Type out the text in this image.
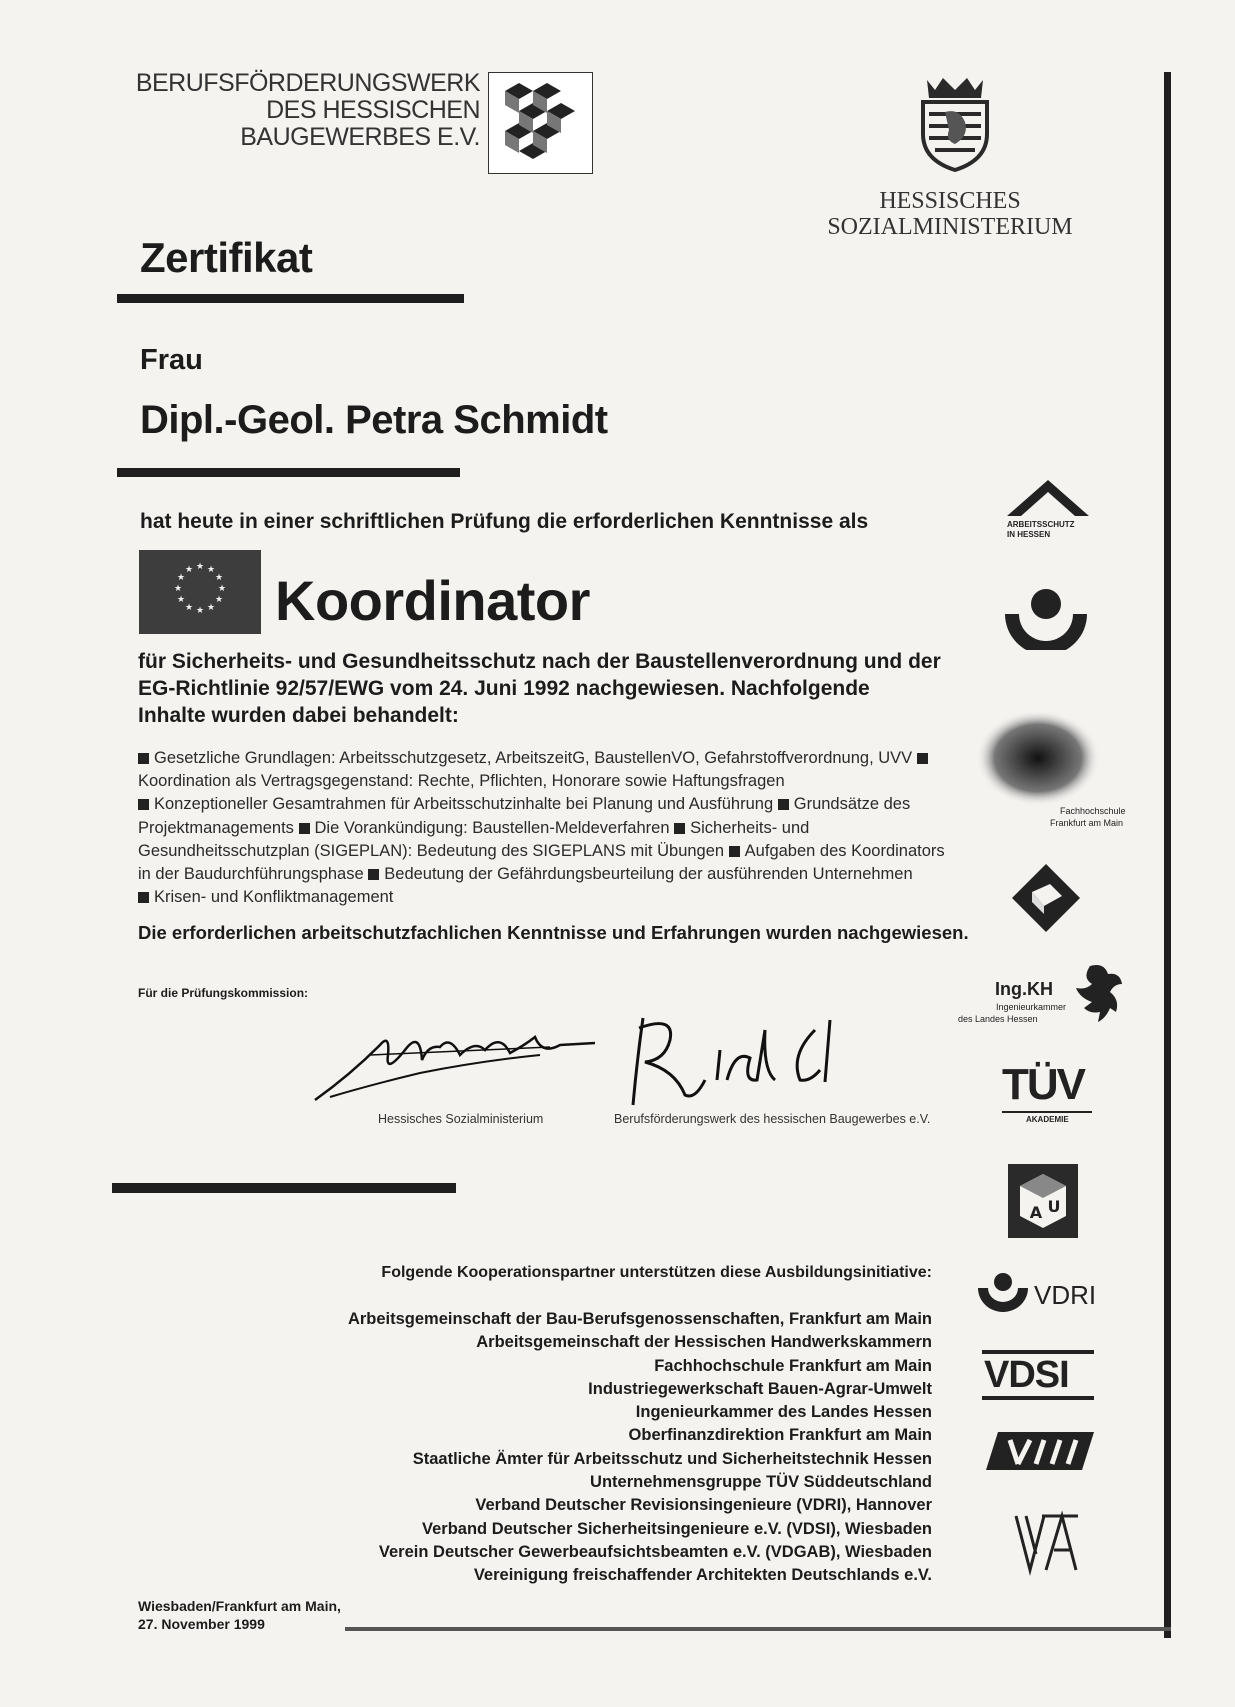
BERUFSFÖRDERUNGSWERK
DES HESSISCHEN
BAUGEWERBES E.V.
HESSISCHES
SOZIALMINISTERIUM
Zertifikat
Frau
Dipl.-Geol. Petra Schmidt
hat heute in einer schriftlichen Prüfung die erforderlichen Kenntnisse als
★ ★
★
★
★
★
★
★
★
★
★
★ Koordinator
für Sicherheits- und Gesundheitsschutz nach der Baustellenverordnung und der
EG-Richtlinie 92/57/EWG vom 24. Juni 1992 nachgewiesen. Nachfolgende
Inhalte wurden dabei behandelt:
Gesetzliche Grundlagen: Arbeitsschutzgesetz, ArbeitszeitG, BaustellenVO, Gefahrstoffverordnung, UVV Koordination als Vertragsgegenstand: Rechte, Pflichten, Honorare sowie Haftungsfragen
Konzeptioneller Gesamtrahmen für Arbeitsschutzinhalte bei Planung und Ausführung Grundsätze des Projektmanagements Die Vorankündigung: Baustellen-Meldeverfahren Sicherheits- und Gesundheitsschutzplan (SIGEPLAN): Bedeutung des SIGEPLANS mit Übungen Aufgaben des Koordinators in der Baudurchführungsphase Bedeutung der Gefährdungsbeurteilung der ausführenden Unternehmen
Krisen- und Konfliktmanagement
Die erforderlichen arbeitschutzfachlichen Kenntnisse und Erfahrungen wurden nachgewiesen.
Für die Prüfungskommission:
Hessisches Sozialministerium	Berufsförderungswerk des hessischen Baugewerbes e.V.
Folgende Kooperationspartner unterstützen diese Ausbildungsinitiative:
Arbeitsgemeinschaft der Bau-Berufsgenossenschaften, Frankfurt am Main
Arbeitsgemeinschaft der Hessischen Handwerkskammern
Fachhochschule Frankfurt am Main
Industriegewerkschaft Bauen-Agrar-Umwelt
Ingenieurkammer des Landes Hessen
Oberfinanzdirektion Frankfurt am Main
Staatliche Ämter für Arbeitsschutz und Sicherheitstechnik Hessen
Unternehmensgruppe TÜV Süddeutschland
Verband Deutscher Revisionsingenieure (VDRI), Hannover
Verband Deutscher Sicherheitsingenieure e.V. (VDSI), Wiesbaden
Verein Deutscher Gewerbeaufsichtsbeamten e.V. (VDGAB), Wiesbaden
Vereinigung freischaffender Architekten Deutschlands e.V.
Wiesbaden/Frankfurt am Main,
27. November 1999
ARBEITSSCHUTZ
IN HESSEN
Fachhochschule
Frankfurt am Main
Ing.KH
Ingenieurkammer
des Landes Hessen
TÜV
AKADEMIE
A U
VDRI
VDSI
